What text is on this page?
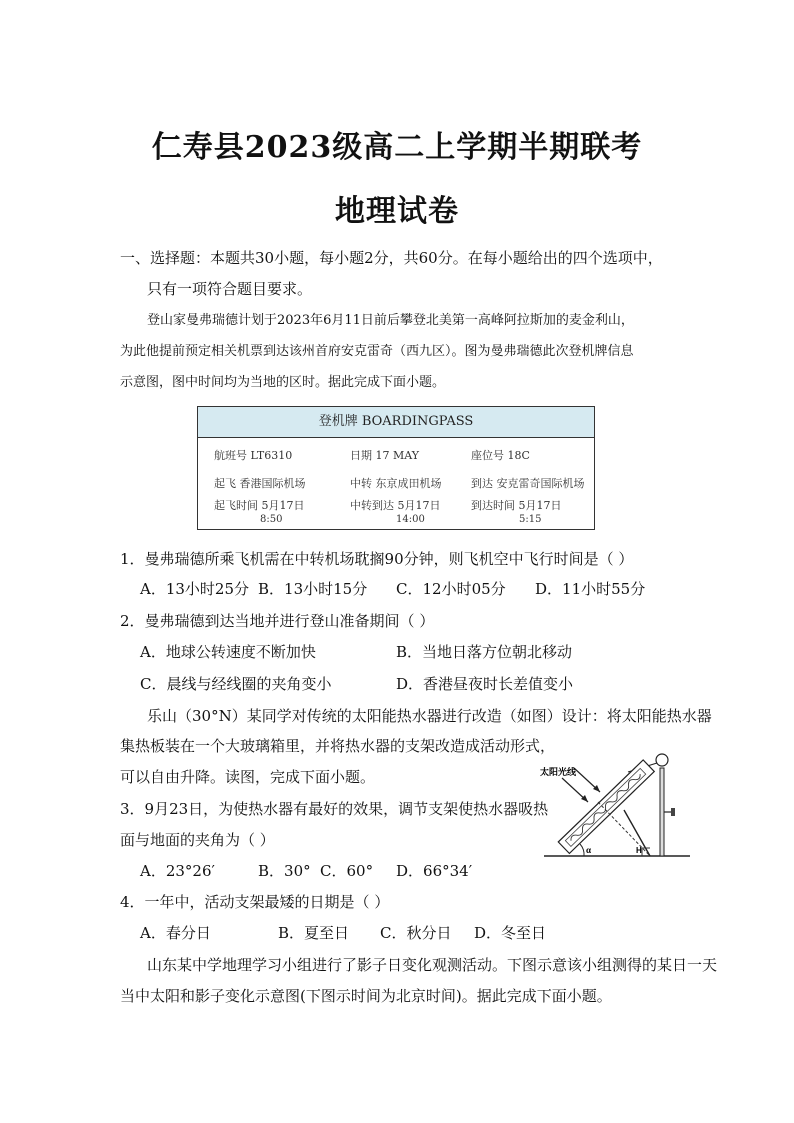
仁寿县2023级高二上学期半期联考
地理试卷
一、选择题：本题共30小题，每小题2分，共60分。在每小题给出的四个选项中，
只有一项符合题目要求。
登山家曼弗瑞德计划于2023年6月11日前后攀登北美第一高峰阿拉斯加的麦金利山，
为此他提前预定相关机票到达该州首府安克雷奇（西九区）。图为曼弗瑞德此次登机牌信息
示意图，图中时间均为当地的区时。据此完成下面小题。
登机牌 BOARDINGPASS
航班号 LT6310	日期 17 MAY	座位号 18C
起飞 香港国际机场	中转 东京成田机场	到达 安克雷奇国际机场
起飞时间 5月17日	中转到达 5月17日	到达时间 5月17日
8:50	14:00	5:15
1．曼弗瑞德所乘飞机需在中转机场耽搁90分钟，则飞机空中飞行时间是（ ）
A．13小时25分 B．13小时15分 C．12小时05分 D．11小时55分
2．曼弗瑞德到达当地并进行登山准备期间（ ）
A．地球公转速度不断加快	B．当地日落方位朝北移动
C．晨线与经线圈的夹角变小	D．香港昼夜时长差值变小
乐山（30°N）某同学对传统的太阳能热水器进行改造（如图）设计：将太阳能热水器
集热板装在一个大玻璃箱里，并将热水器的支架改造成活动形式，
可以自由升降。读图，完成下面小题。	太阳光线
α	H
3．9月23日，为使热水器有最好的效果，调节支架使热水器吸热
面与地面的夹角为（ ）
A．23°26′	B．30° C．60° D．66°34′
4．一年中，活动支架最矮的日期是（ ）
A．春分日	B．夏至日 C．秋分日 D．冬至日
山东某中学地理学习小组进行了影子日变化观测活动。下图示意该小组测得的某日一天
当中太阳和影子变化示意图(下图示时间为北京时间)。据此完成下面小题。
